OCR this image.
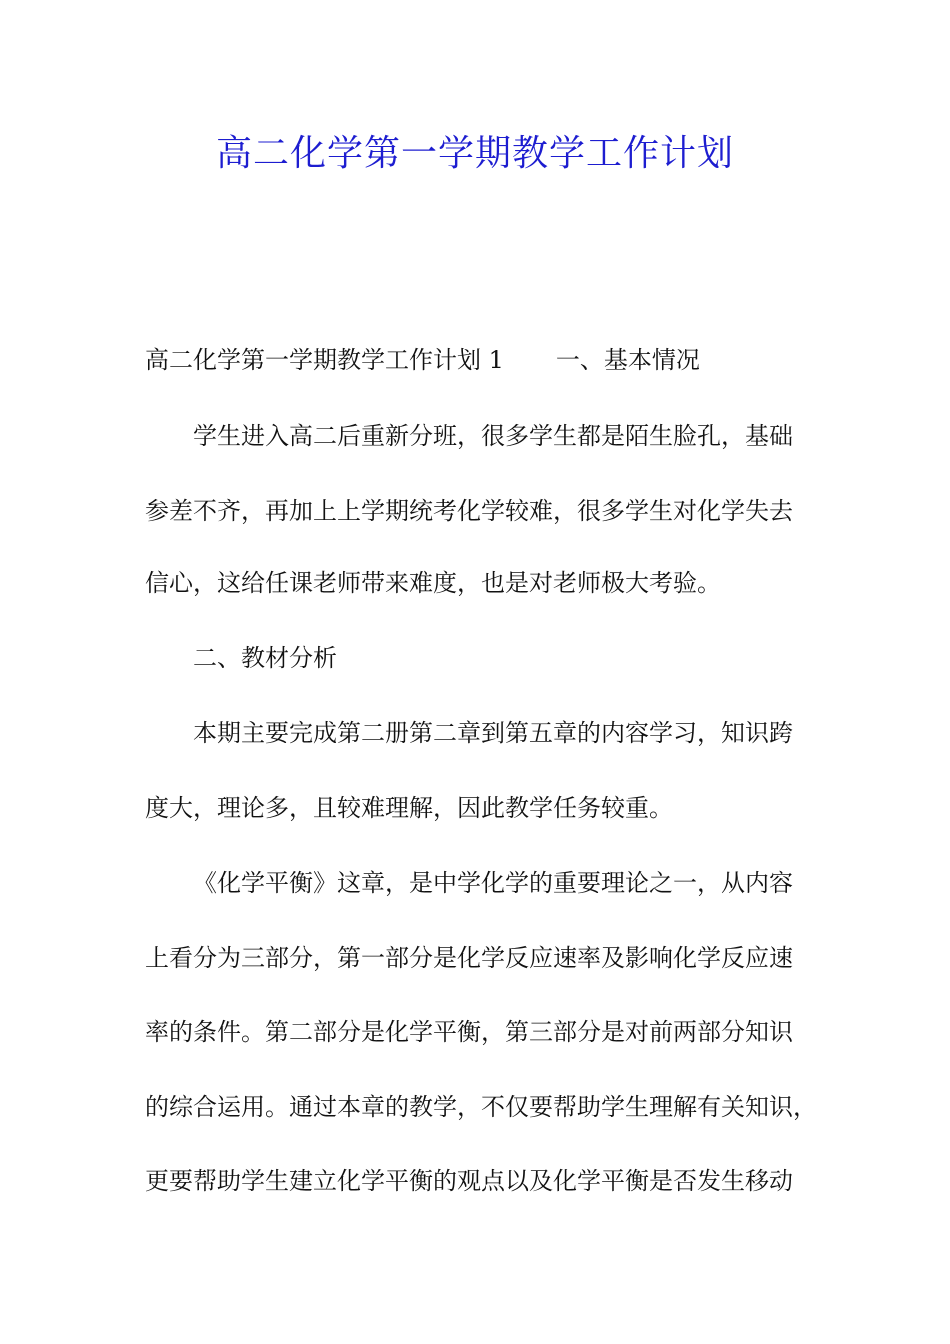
高二化学第一学期教学工作计划
高二化学第一学期教学工作计划 1 一、基本情况
学生进入高二后重新分班，很多学生都是陌生脸孔，基础
参差不齐，再加上上学期统考化学较难，很多学生对化学失去
信心，这给任课老师带来难度，也是对老师极大考验。
二、教材分析
本期主要完成第二册第二章到第五章的内容学习，知识跨
度大，理论多，且较难理解，因此教学任务较重。
《化学平衡》这章，是中学化学的重要理论之一，从内容
上看分为三部分，第一部分是化学反应速率及影响化学反应速
率的条件。第二部分是化学平衡，第三部分是对前两部分知识
的综合运用。通过本章的教学，不仅要帮助学生理解有关知识，
更要帮助学生建立化学平衡的观点以及化学平衡是否发生移动
